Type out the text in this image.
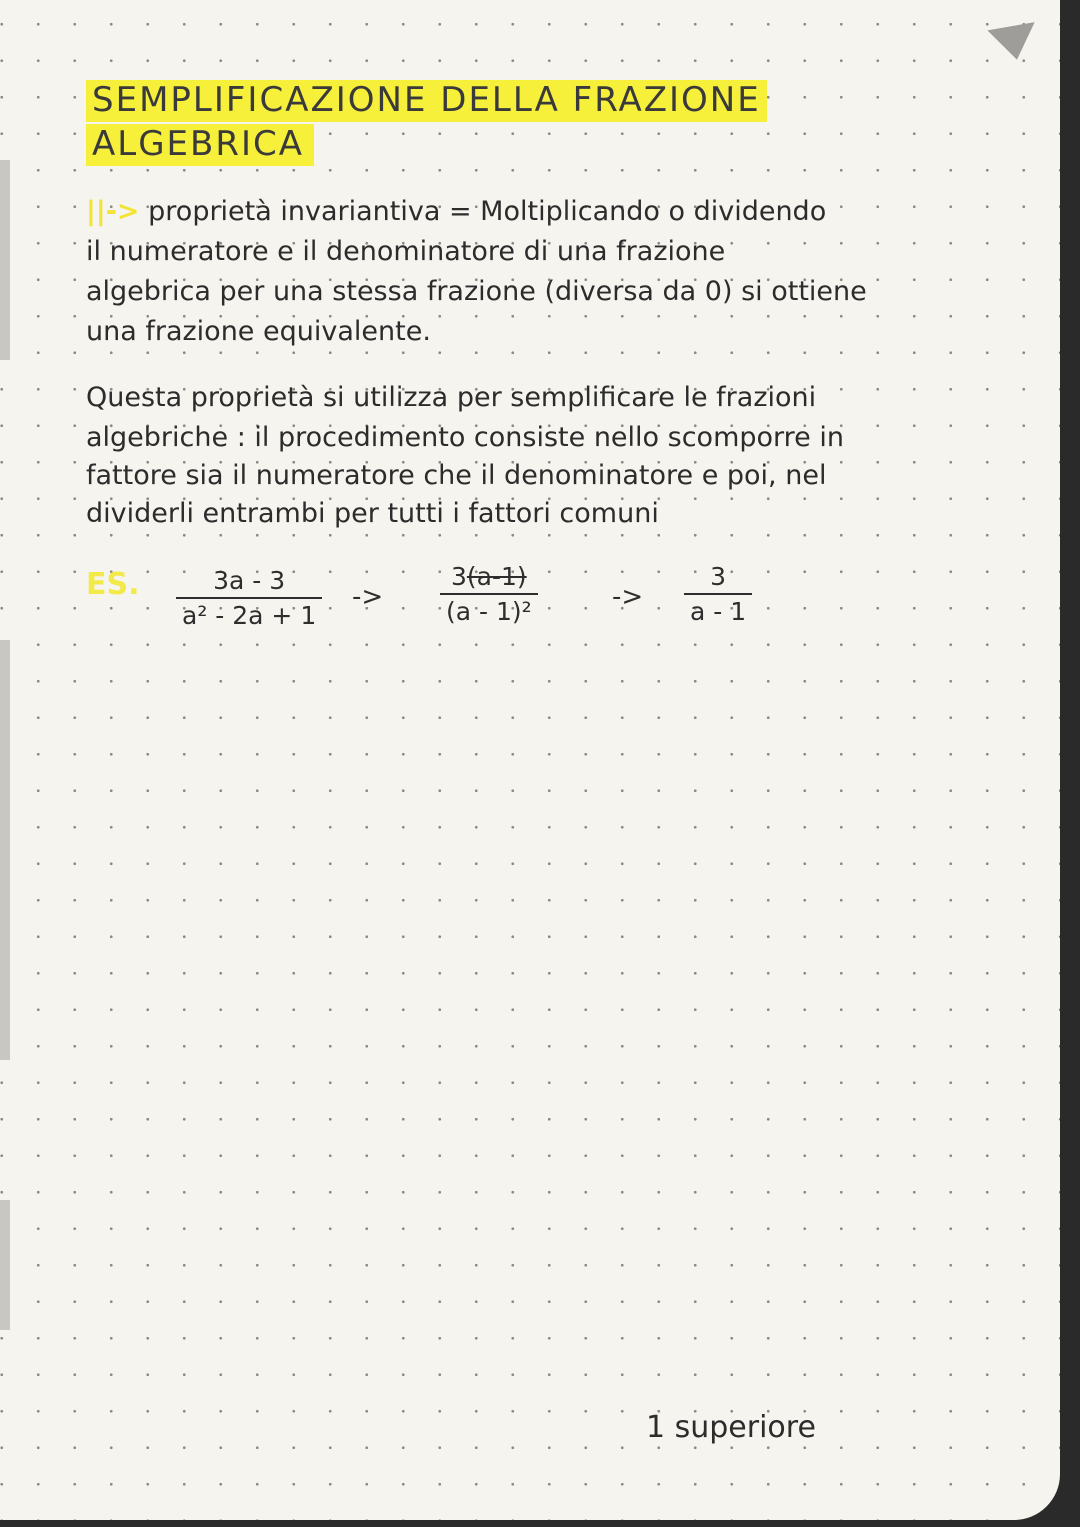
SEMPLIFICAZIONE DELLA FRAZIONE
ALGEBRICA
||-> proprietà invariantiva = Moltiplicando o dividendo
il numeratore e il denominatore di una frazione
algebrica per una stessa frazione (diversa da 0) si ottiene
una frazione equivalente.
Questa proprietà si utilizza per semplificare le frazioni
algebriche : il procedimento consiste nello scomporre in
fattore sia il numeratore che il denominatore e poi, nel
dividerli entrambi per tutti i fattori comuni
ES.	3a - 3
a² - 2a + 1
->
3(a-1)
(a - 1)²	->
3
a - 1
1 superiore
